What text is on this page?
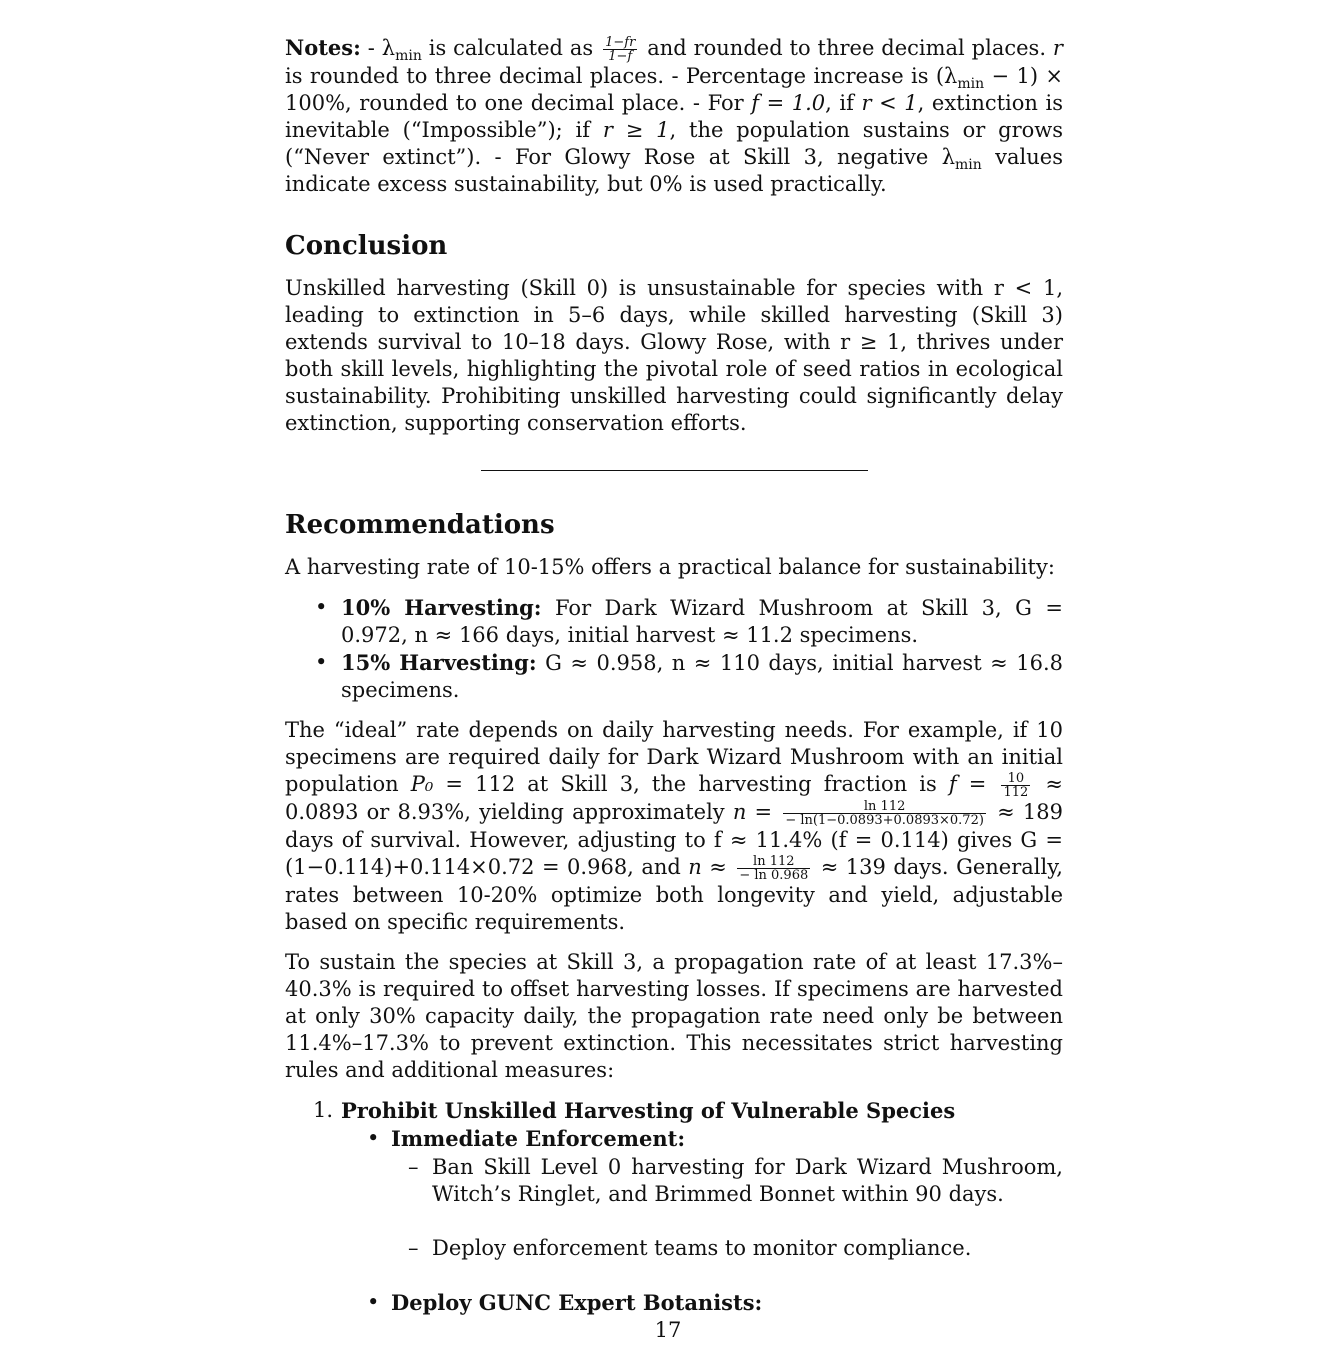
Notes: - $\lambda_{min}$ is calculated as $\frac{1-fr}{1-f}$ and rounded to three decimal places. r is rounded to three decimal places. - Percentage increase is $(\lambda_{min} - 1) \times 100\%$, rounded to one decimal place. - For f = 1.0, if r < 1, extinction is inevitable (“Impossible”); if r ≥ 1, the population sustains or grows (“Never extinct”). - For Glowy Rose at Skill 3, negative $\lambda_{min}$ values indicate excess sustainability, but 0% is used practically.

Conclusion

Unskilled harvesting (Skill 0) is unsustainable for species with r < 1, leading to extinction in 5–6 days, while skilled harvesting (Skill 3) extends survival to 10–18 days. Glowy Rose, with r ≥ 1, thrives under both skill levels, highlighting the pivotal role of seed ratios in ecological sustainability. Prohibiting unskilled harvesting could significantly delay extinction, supporting conservation efforts.

Recommendations

A harvesting rate of 10-15% offers a practical balance for sustainability:

• 10% Harvesting: For Dark Wizard Mushroom at Skill 3, G = 0.972, n ≈ 166 days, initial harvest ≈ 11.2 specimens.
• 15% Harvesting: G ≈ 0.958, n ≈ 110 days, initial harvest ≈ 16.8 specimens.

The “ideal” rate depends on daily harvesting needs. For example, if 10 specimens are required daily for Dark Wizard Mushroom with an initial population P₀ = 112 at Skill 3, the harvesting fraction is $f = \frac{10}{112} \approx 0.0893$ or 8.93%, yielding approximately $n = \frac{\ln 112}{- \ln(1-0.0893+0.0893\times 0.72)} \approx 189$ days of survival. However, adjusting to f ≈ 11.4% (f = 0.114) gives G = (1−0.114)+0.114×0.72 = 0.968, and $n \approx \frac{\ln 112}{- \ln 0.968} \approx 139$ days. Generally, rates between 10-20% optimize both longevity and yield, adjustable based on specific requirements.

To sustain the species at Skill 3, a propagation rate of at least 17.3%–40.3% is required to offset harvesting losses. If specimens are harvested at only 30% capacity daily, the propagation rate need only be between 11.4%–17.3% to prevent extinction. This necessitates strict harvesting rules and additional measures:

1. Prohibit Unskilled Harvesting of Vulnerable Species
• Immediate Enforcement:
– Ban Skill Level 0 harvesting for Dark Wizard Mushroom, Witch’s Ringlet, and Brimmed Bonnet within 90 days.
– Deploy enforcement teams to monitor compliance.
• Deploy GUNC Expert Botanists:
17
